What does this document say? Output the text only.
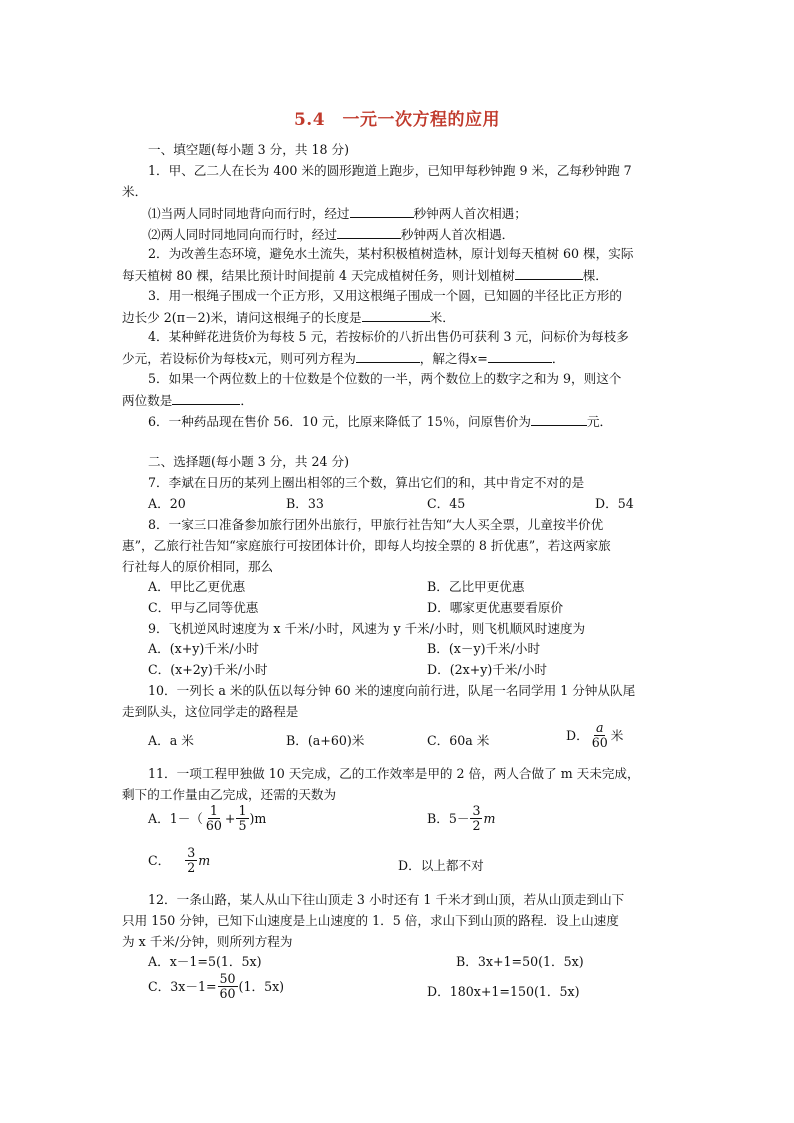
5.4　一元一次方程的应用
一、填空题(每小题 3 分，共 18 分)
1．甲、乙二人在长为 400 米的圆形跑道上跑步，已知甲每秒钟跑 9 米，乙每秒钟跑 7
米．
⑴当两人同时同地背向而行时，经过	秒钟两人首次相遇；
⑵两人同时同地同向而行时，经过	秒钟两人首次相遇．
2．为改善生态环境，避免水土流失，某村积极植树造林，原计划每天植树 60 棵，实际
每天植树 80 棵，结果比预计时间提前 4 天完成植树任务，则计划植树	棵．
3．用一根绳子围成一个正方形，又用这根绳子围成一个圆，已知圆的半径比正方形的
边长少 2(π－2)米，请问这根绳子的长度是	米．
4．某种鲜花进货价为每枝 5 元，若按标价的八折出售仍可获利 3 元，问标价为每枝多
少元，若设标价为每枝x元，则可列方程为	，解之得x=	．
5．如果一个两位数上的十位数是个位数的一半，两个数位上的数字之和为 9，则这个
两位数是	．
6．一种药品现在售价 56．10 元，比原来降低了 15％，问原售价为	元．
二、选择题(每小题 3 分，共 24 分)
7．李斌在日历的某列上圈出相邻的三个数，算出它们的和，其中肯定不对的是
A．20	B．33	C．45	D．54
8．一家三口准备参加旅行团外出旅行，甲旅行社告知“大人买全票，儿童按半价优
惠”，乙旅行社告知“家庭旅行可按团体计价，即每人均按全票的 8 折优惠”，若这两家旅
行社每人的原价相同，那么
A．甲比乙更优惠	B．乙比甲更优惠
C．甲与乙同等优惠	D．哪家更优惠要看原价
9．飞机逆风时速度为 x 千米/小时，风速为 y 千米/小时，则飞机顺风时速度为
A．(x+y)千米/小时	B．(x－y)千米/小时
C．(x+2y)千米/小时	D．(2x+y)千米/小时
10．一列长 a 米的队伍以每分钟 60 米的速度向前行进，队尾一名同学用 1 分钟从队尾
走到队头，这位同学走的路程是
A．a 米	B．(a+60)米	C．60a 米	D． $\frac{a}{60}$ 米
11．一项工程甲独做 10 天完成，乙的工作效率是甲的 2 倍，两人合做了 m 天未完成，
剩下的工作量由乙完成，还需的天数为
A．$1-( \frac{1}{60} + \frac{1}{5} )m$	B．$5- \frac{3}{2}$ m
C． $\frac{3}{2}$ m	D．以上都不对
12．一条山路，某人从山下往山顶走 3 小时还有 1 千米才到山顶，若从山顶走到山下
只用 150 分钟，已知下山速度是上山速度的 1．5 倍，求山下到山顶的路程．设上山速度
为 x 千米/分钟，则所列方程为
A．x－1=5(1．5x)	B．3x+1=50(1．5x)
C．$3x-1= \frac{50}{60} (1$．5x)	D．180x+1=150(1．5x)
